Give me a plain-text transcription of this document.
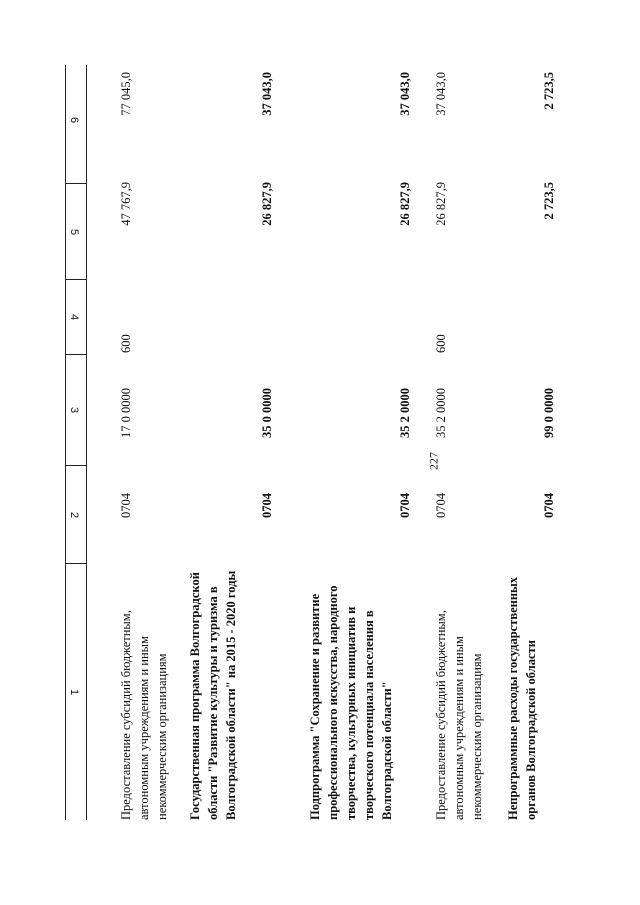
227
1
2
3
4
5
6
Предоставление субсидий бюджетным, автономным учреждениям и иным некоммерческим организациям
0704
17 0 0000
600
47 767,9
77 045,0
Государственная программа Волгоградской области "Развитие культуры и туризма в Волгоградской области" на 2015 - 2020 годы
0704
35 0 0000
26 827,9
37 043,0
Подпрограмма "Сохранение и развитие профессионального искусства, народного творчества, культурных инициатив и творческого потенциала населения в Волгоградской области"
0704
35 2 0000
26 827,9
37 043,0
Предоставление субсидий бюджетным, автономным учреждениям и иным некоммерческим организациям
0704
35 2 0000
600
26 827,9
37 043,0
Непрограммные расходы государственных органов Волгоградской области
0704
99 0 0000
2 723,5
2 723,5
